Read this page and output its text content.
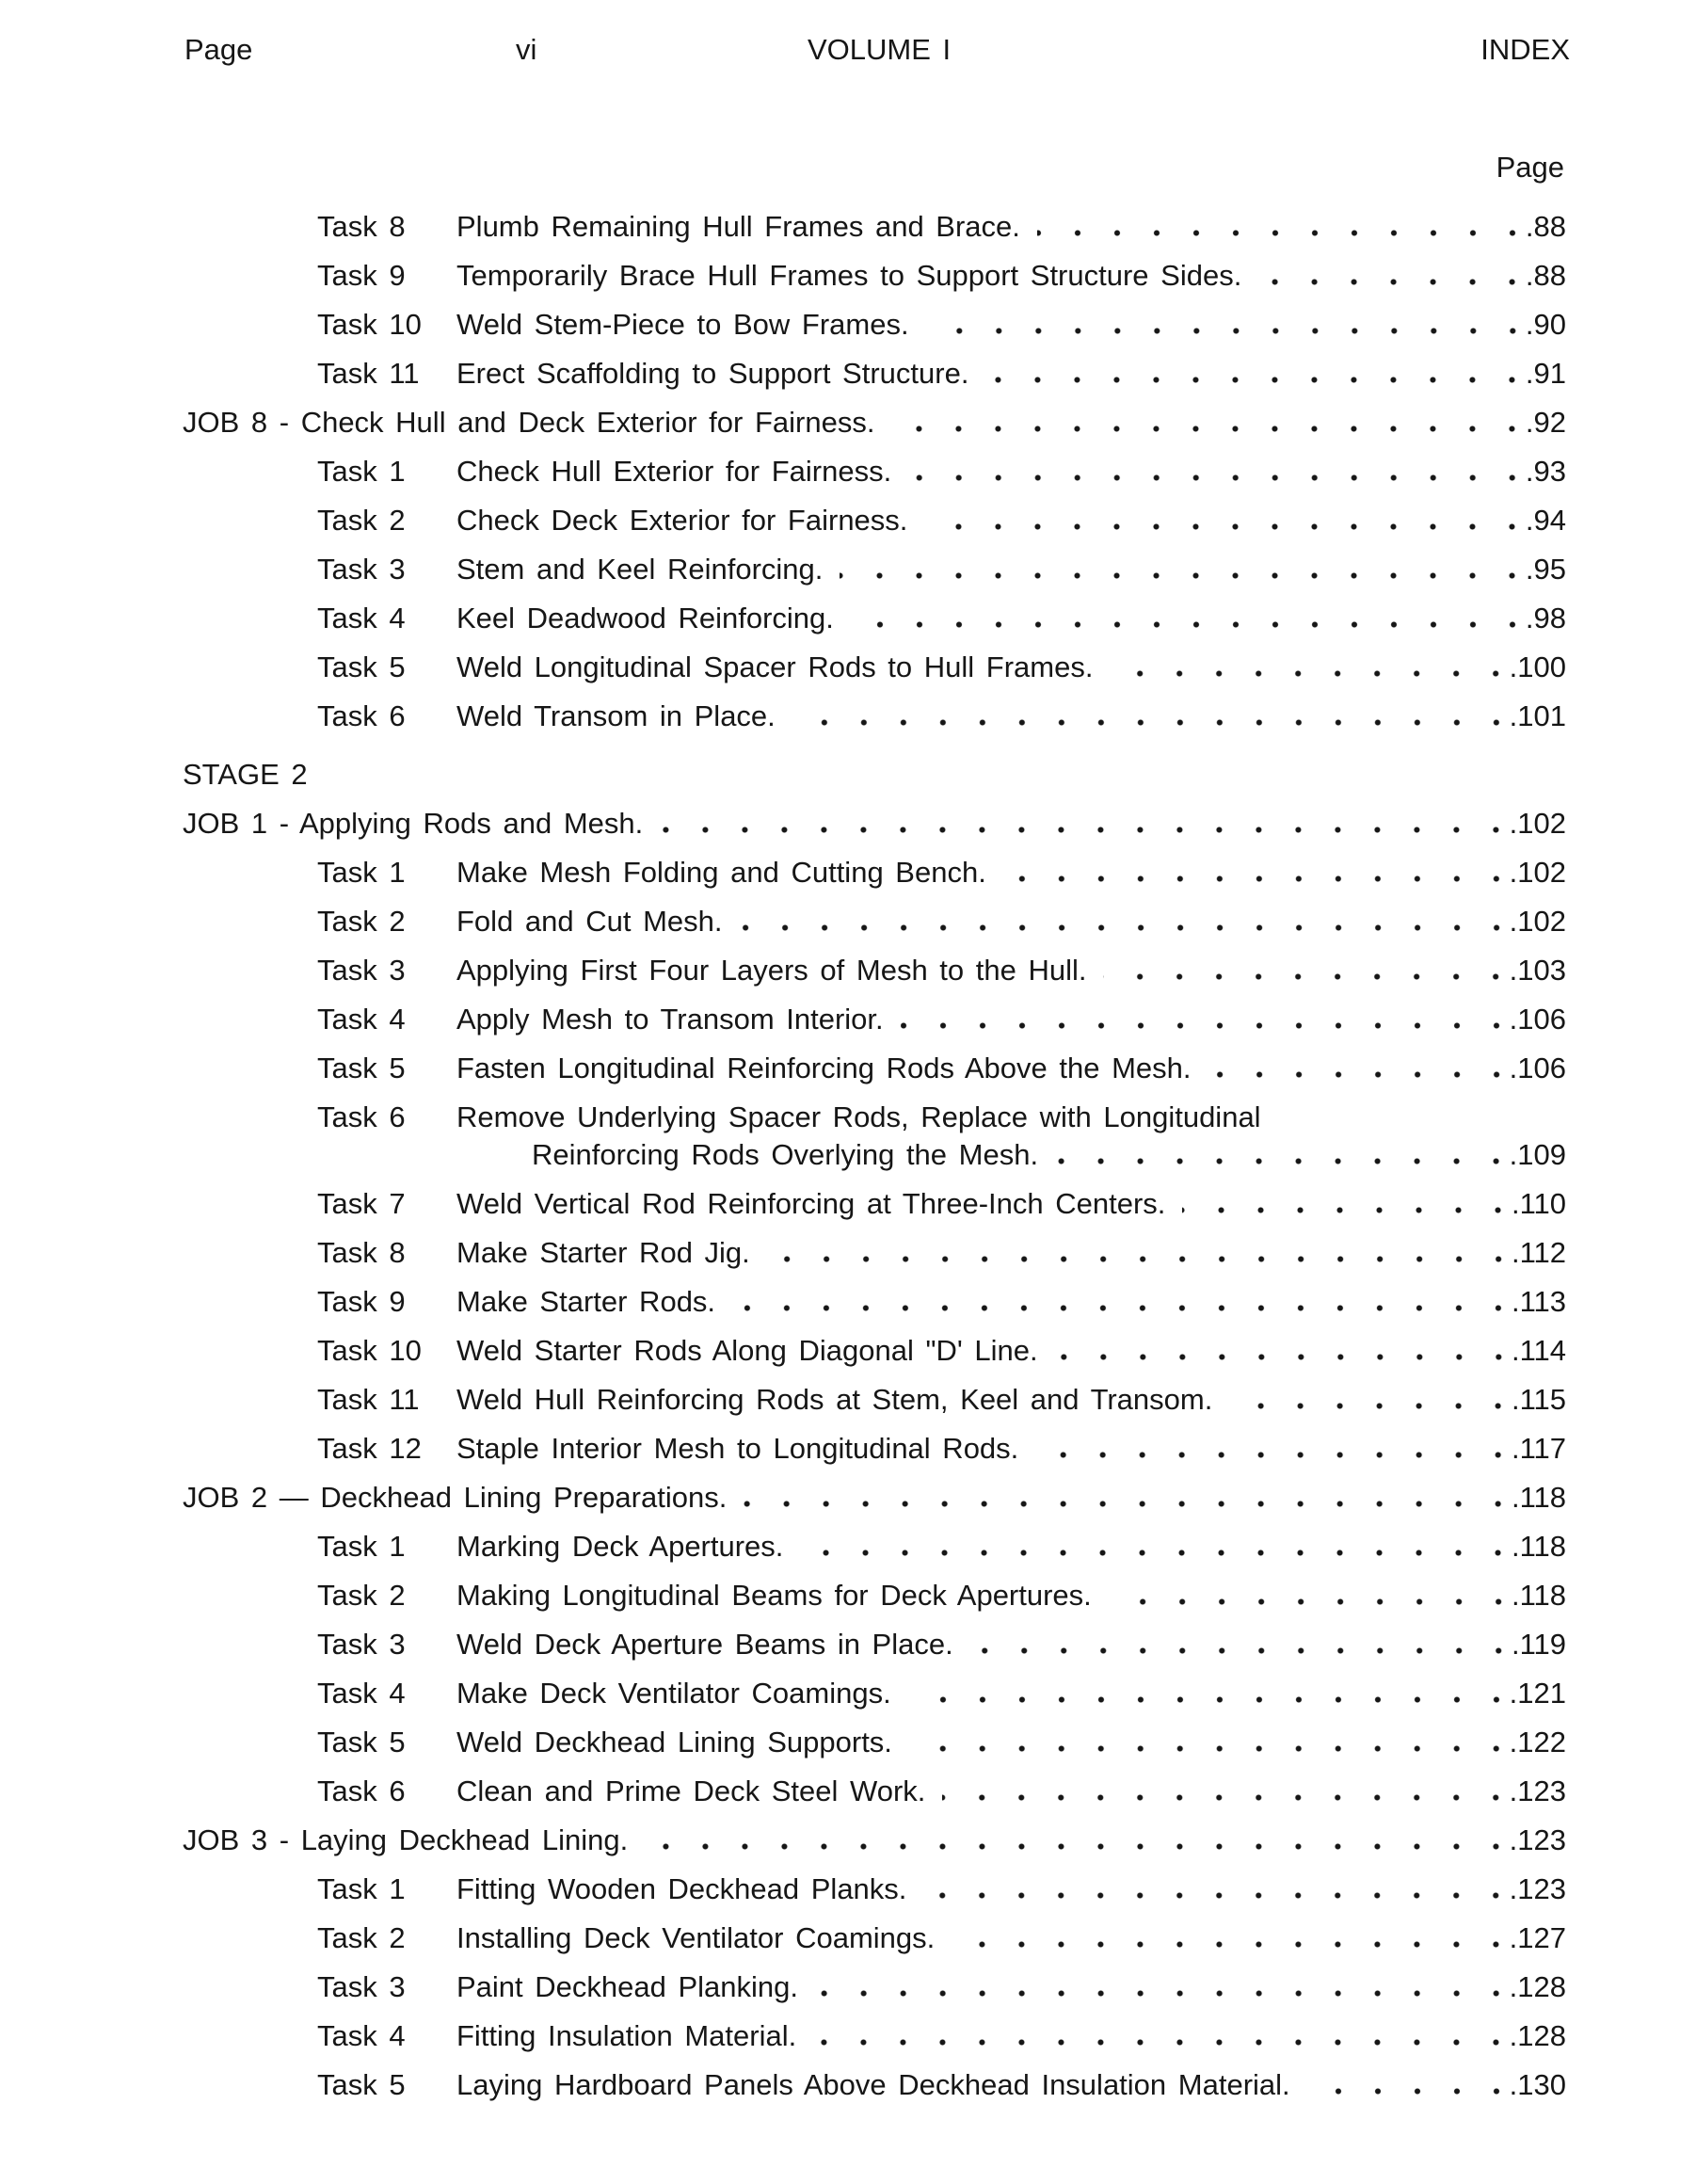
Page	vi	VOLUME I	INDEX
Page
Task 8	Plumb Remaining Hull Frames and Brace.	.88
Task 9	Temporarily Brace Hull Frames to Support Structure Sides.	.88
Task 10	Weld Stem-Piece to Bow Frames.	.90
Task 11	Erect Scaffolding to Support Structure.	.91
JOB 8 - Check Hull and Deck Exterior for Fairness.	.92
Task 1	Check Hull Exterior for Fairness.	.93
Task 2	Check Deck Exterior for Fairness.	.94
Task 3	Stem and Keel Reinforcing.	.95
Task 4	Keel Deadwood Reinforcing.	.98
Task 5	Weld Longitudinal Spacer Rods to Hull Frames.	.100
Task 6	Weld Transom in Place.	.101
STAGE 2
JOB 1 - Applying Rods and Mesh.	.102
Task 1	Make Mesh Folding and Cutting Bench.	.102
Task 2	Fold and Cut Mesh.	.102
Task 3	Applying First Four Layers of Mesh to the Hull.	.103
Task 4	Apply Mesh to Transom Interior.	.106
Task 5	Fasten Longitudinal Reinforcing Rods Above the Mesh.	.106
Task 6	Remove Underlying Spacer Rods, Replace with Longitudinal
Reinforcing Rods Overlying the Mesh.	.109
Task 7	Weld Vertical Rod Reinforcing at Three-Inch Centers.	.110
Task 8	Make Starter Rod Jig.	.112
Task 9	Make Starter Rods.	.113
Task 10	Weld Starter Rods Along Diagonal "D' Line.	.114
Task 11	Weld Hull Reinforcing Rods at Stem, Keel and Transom.	.115
Task 12	Staple Interior Mesh to Longitudinal Rods.	.117
JOB 2 — Deckhead Lining Preparations.	.118
Task 1	Marking Deck Apertures.	.118
Task 2	Making Longitudinal Beams for Deck Apertures.	.118
Task 3	Weld Deck Aperture Beams in Place.	.119
Task 4	Make Deck Ventilator Coamings.	.121
Task 5	Weld Deckhead Lining Supports.	.122
Task 6	Clean and Prime Deck Steel Work.	.123
JOB 3 - Laying Deckhead Lining.	.123
Task 1	Fitting Wooden Deckhead Planks.	.123
Task 2	Installing Deck Ventilator Coamings.	.127
Task 3	Paint Deckhead Planking.	.128
Task 4	Fitting Insulation Material.	.128
Task 5	Laying Hardboard Panels Above Deckhead Insulation Material.	.130
